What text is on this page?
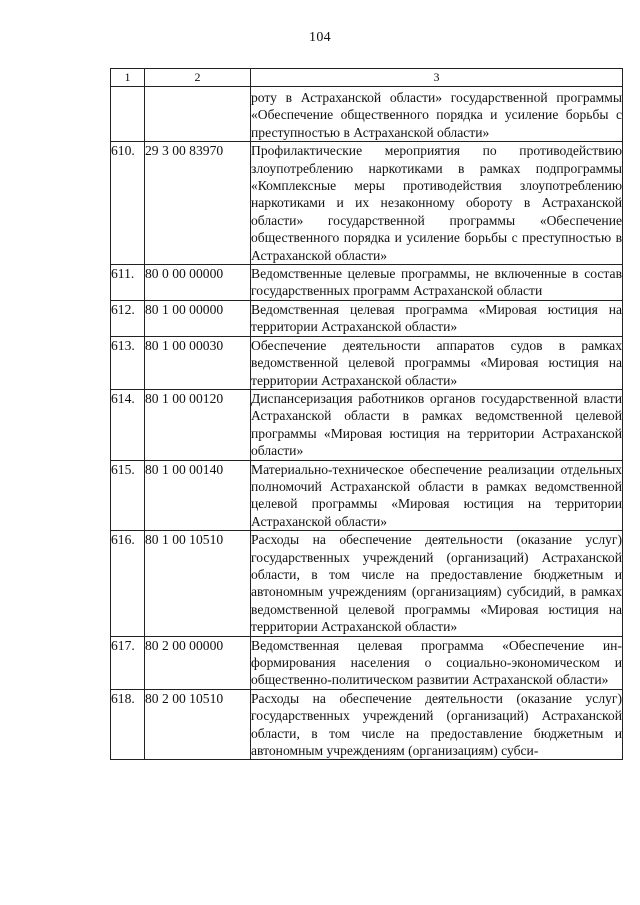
104
1	2	3
		роту в Астраханской области» государственной программы «Обеспечение общественного порядка и усиление борьбы с преступностью в Астраханской области»
610.	29 3 00 83970	Профилактические мероприятия по противодействию злоупотреблению наркотиками в рамках подпрограммы «Комплексные меры противодействия злоупотреблению наркотиками и их незаконному обороту в Астраханской области» государственной программы «Обеспечение общественного порядка и усиление борьбы с преступностью в Астраханской области»
611.	80 0 00 00000	Ведомственные целевые программы, не включенные в состав государственных программ Астраханской области
612.	80 1 00 00000	Ведомственная целевая программа «Мировая юстиция на территории Астраханской области»
613.	80 1 00 00030	Обеспечение деятельности аппаратов судов в рамках ведомственной целевой программы «Мировая юстиция на территории Астраханской области»
614.	80 1 00 00120	Диспансеризация работников органов государственной власти Астраханской области в рамках ведомственной целевой программы «Мировая юстиция на территории Астраханской области»
615.	80 1 00 00140	Материально-техническое обеспечение реализации отдельных полномочий Астраханской области в рамках ведомственной целевой программы «Мировая юстиция на территории Астраханской области»
616.	80 1 00 10510	Расходы на обеспечение деятельности (оказание услуг) государственных учреждений (организаций) Астраханской области, в том числе на предоставление бюджетным и автономным учреждениям (организациям) субсидий, в рамках ведомственной целевой программы «Мировая юстиция на территории Астраханской области»
617.	80 2 00 00000	Ведомственная целевая программа «Обеспечение информирования населения о социально-экономическом и общественно-политическом развитии Астраханской области»
618.	80 2 00 10510	Расходы на обеспечение деятельности (оказание услуг) государственных учреждений (организаций) Астраханской области, в том числе на предоставление бюджетным и автономным учреждениям (организациям) субси-
